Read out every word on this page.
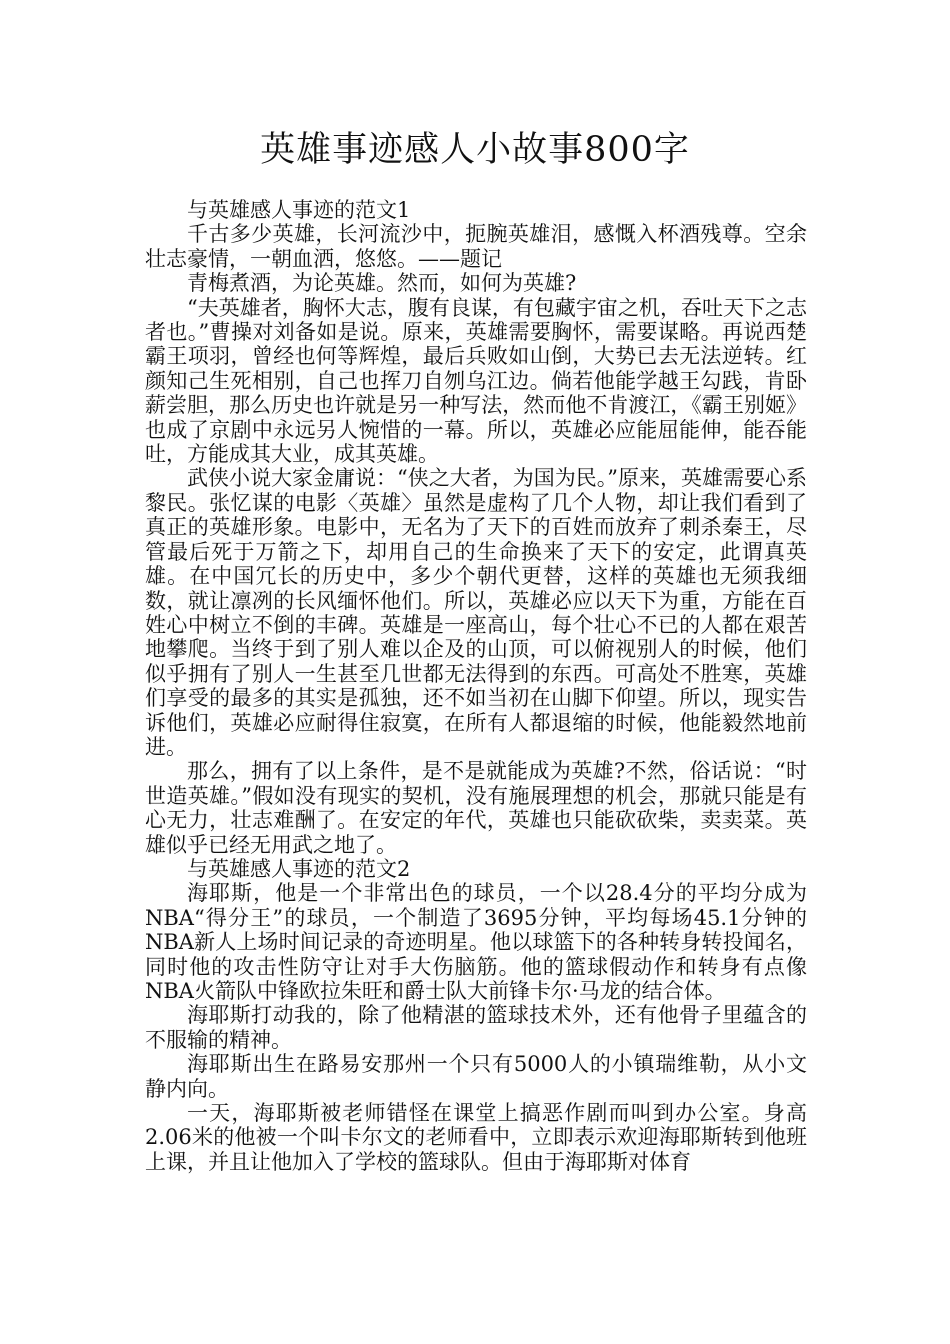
英雄事迹感人小故事800字

与英雄感人事迹的范文1

千古多少英雄，长河流沙中，扼腕英雄泪，感慨入杯酒残尊。空余壮志豪情，一朝血洒，悠悠。——题记

青梅煮酒，为论英雄。然而，如何为英雄?

“夫英雄者，胸怀大志，腹有良谋，有包藏宇宙之机，吞吐天下之志者也。”曹操对刘备如是说。原来，英雄需要胸怀，需要谋略。再说西楚霸王项羽，曾经也何等辉煌，最后兵败如山倒，大势已去无法逆转。红颜知己生死相别，自己也挥刀自刎乌江边。倘若他能学越王勾践，肯卧薪尝胆，那么历史也许就是另一种写法，然而他不肯渡江，《霸王别姬》也成了京剧中永远另人惋惜的一幕。所以，英雄必应能屈能伸，能吞能吐，方能成其大业，成其英雄。

武侠小说大家金庸说：“侠之大者，为国为民。”原来，英雄需要心系黎民。张忆谋的电影〈英雄〉虽然是虚构了几个人物，却让我们看到了真正的英雄形象。电影中，无名为了天下的百姓而放弃了刺杀秦王，尽管最后死于万箭之下，却用自己的生命换来了天下的安定，此谓真英雄。在中国冗长的历史中，多少个朝代更替，这样的英雄也无须我细数，就让凛冽的长风缅怀他们。所以，英雄必应以天下为重，方能在百姓心中树立不倒的丰碑。英雄是一座高山，每个壮心不已的人都在艰苦地攀爬。当终于到了别人难以企及的山顶，可以俯视别人的时候，他们似乎拥有了别人一生甚至几世都无法得到的东西。可高处不胜寒，英雄们享受的最多的其实是孤独，还不如当初在山脚下仰望。所以，现实告诉他们，英雄必应耐得住寂寞，在所有人都退缩的时候，他能毅然地前进。

那么，拥有了以上条件，是不是就能成为英雄?不然，俗话说：“时世造英雄。”假如没有现实的契机，没有施展理想的机会，那就只能是有心无力，壮志难酬了。在安定的年代，英雄也只能砍砍柴，卖卖菜。英雄似乎已经无用武之地了。

与英雄感人事迹的范文2

海耶斯，他是一个非常出色的球员，一个以28.4分的平均分成为NBA“得分王”的球员，一个制造了3695分钟，平均每场45.1分钟的NBA新人上场时间记录的奇迹明星。他以球篮下的各种转身转投闻名，同时他的攻击性防守让对手大伤脑筋。他的篮球假动作和转身有点像NBA火箭队中锋欧拉朱旺和爵士队大前锋卡尔·马龙的结合体。

海耶斯打动我的，除了他精湛的篮球技术外，还有他骨子里蕴含的不服输的精神。

海耶斯出生在路易安那州一个只有5000人的小镇瑞维勒，从小文静内向。

一天，海耶斯被老师错怪在课堂上搞恶作剧而叫到办公室。身高2.06米的他被一个叫卡尔文的老师看中，立即表示欢迎海耶斯转到他班上课，并且让他加入了学校的篮球队。但由于海耶斯对体育
